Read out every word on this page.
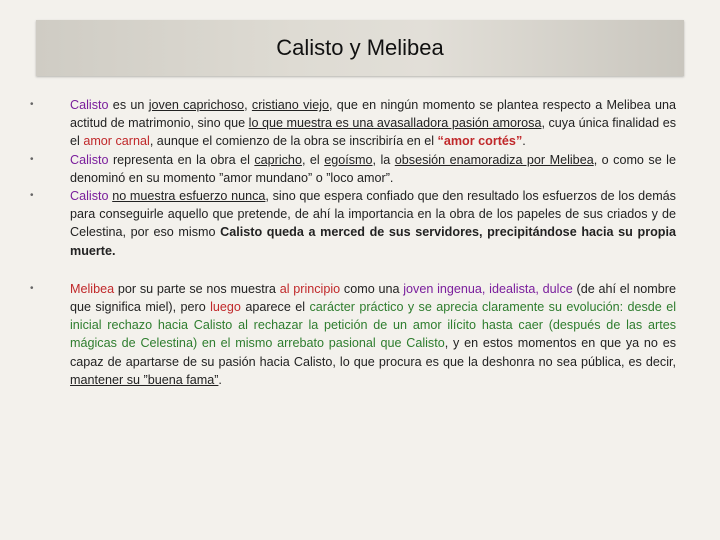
Calisto y Melibea
•	Calisto es un joven caprichoso, cristiano viejo, que en ningún momento se plantea respecto a Melibea una actitud de matrimonio, sino que lo que muestra es una avasalladora pasión amorosa, cuya única finalidad es el amor carnal, aunque el comienzo de la obra se inscribiría en el “amor cortés”.
•	Calisto representa en la obra el capricho, el egoísmo, la obsesión enamoradiza por Melibea, o como se le denominó en su momento ”amor mundano” o ”loco amor”.
•	Calisto no muestra esfuerzo nunca, sino que espera confiado que den resultado los esfuerzos de los demás para conseguirle aquello que pretende, de ahí la importancia en la obra de los papeles de sus criados y de Celestina, por eso mismo Calisto queda a merced de sus servidores, precipitándose hacia su propia muerte.
•	Melibea por su parte se nos muestra al principio como una joven ingenua, idealista, dulce (de ahí el nombre que significa miel), pero luego aparece el carácter práctico y se aprecia claramente su evolución: desde el inicial rechazo hacia Calisto al rechazar la petición de un amor ilícito hasta caer (después de las artes mágicas de Celestina) en el mismo arrebato pasional que Calisto, y en estos momentos en que ya no es capaz de apartarse de su pasión hacia Calisto, lo que procura es que la deshonra no sea pública, es decir, mantener su ”buena fama”.
